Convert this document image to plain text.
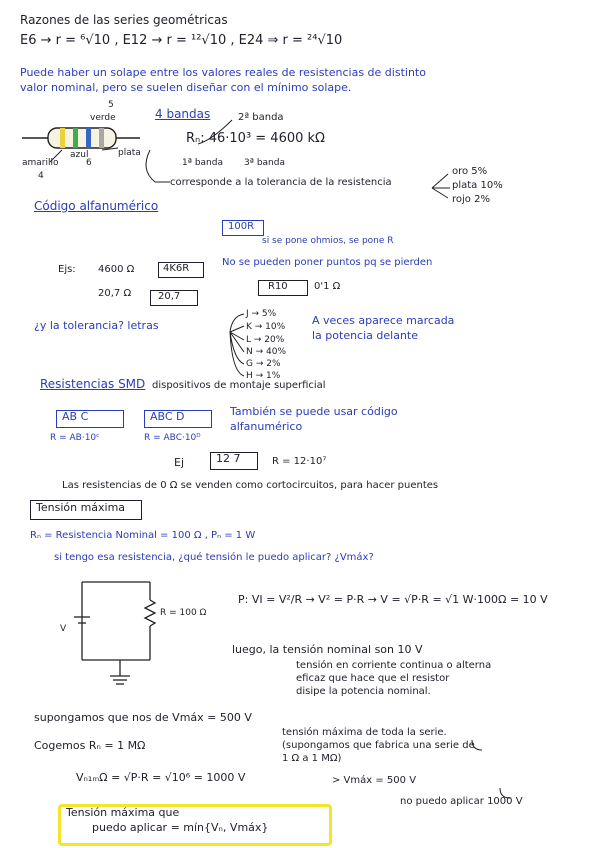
Razones de las series geométricas
E6 → r = ⁶√10 , E12 → r = ¹²√10 , E24 ⇒ r = ²⁴√10
Puede haber un solape entre los valores reales de resistencias de distinto
valor nominal, pero se suelen diseñar con el mínimo solape.
5
verde
azul	plata
amarillo	6
4
4 bandas	2ª banda
Rₙ: 46·10³ = 4600 kΩ
1ª banda 3ª banda
corresponde a la tolerancia de la resistencia
oro 5%
plata 10%
rojo 2%
Código alfanumérico
100R
si se pone ohmios, se pone R
Ejs: 4600 Ω	4K6R
No se pueden poner puntos pq se pierden
20,7 Ω	20,7
R10	0'1 Ω
¿y la tolerancia? letras
J → 5%
K → 10%
L → 20%
N → 40%
G → 2%
H → 1%
A veces aparece marcada
la potencia delante
Resistencias SMD dispositivos de montaje superficial
AB C	ABC D
R = AB·10ᶜ	R = ABC·10ᴰ
También se puede usar código
alfanumérico
Ej	12 7	R = 12·10⁷
Las resistencias de 0 Ω se venden como cortocircuitos, para hacer puentes
Tensión máxima
Rₙ = Resistencia Nominal = 100 Ω , Pₙ = 1 W
si tengo esa resistencia, ¿qué tensión le puedo aplicar? ¿Vmáx?
V
R = 100 Ω
P: VI = V²/R → V² = P·R → V = √P·R = √1 W·100Ω = 10 V
luego, la tensión nominal son 10 V
tensión en corriente continua o alterna
eficaz que hace que el resistor
disipe la potencia nominal.
supongamos que nos de Vmáx = 500 V
tensión máxima de toda la serie.
Cogemos Rₙ = 1 MΩ	(supongamos que fabrica una serie de
1 Ω a 1 MΩ)
Vₙ₁ₘΩ = √P·R = √10⁶ = 1000 V	> Vmáx = 500 V
no puedo aplicar 1000 V
Tensión máxima que
puedo aplicar = mín{Vₙ, Vmáx}
